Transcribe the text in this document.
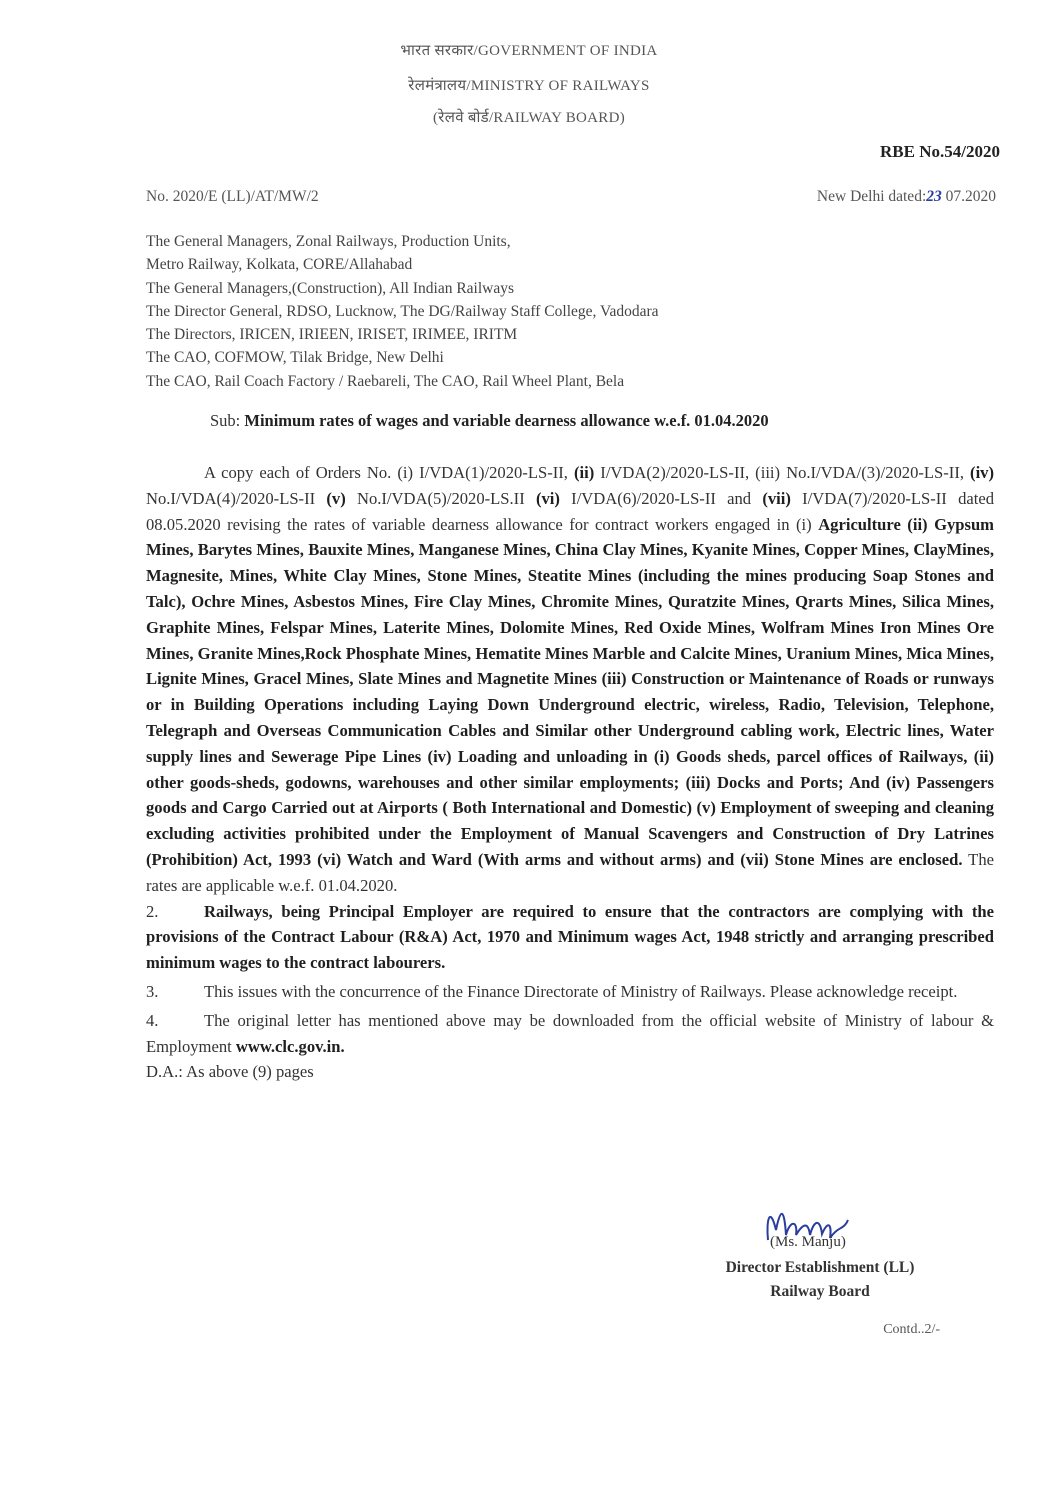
भारत सरकार/GOVERNMENT OF INDIA
रेलमंत्रालय/MINISTRY OF RAILWAYS
(रेलवे बोर्ड/RAILWAY BOARD)
RBE No.54/2020
No. 2020/E (LL)/AT/MW/2	New Delhi dated:23 07.2020
The General Managers, Zonal Railways, Production Units,
Metro Railway, Kolkata, CORE/Allahabad
The General Managers,(Construction), All Indian Railways
The Director General, RDSO, Lucknow, The DG/Railway Staff College, Vadodara
The Directors, IRICEN, IRIEEN, IRISET, IRIMEE, IRITM
The CAO, COFMOW, Tilak Bridge, New Delhi
The CAO, Rail Coach Factory / Raebareli, The CAO, Rail Wheel Plant, Bela
Sub: Minimum rates of wages and variable dearness allowance w.e.f. 01.04.2020

A copy each of Orders No. (i) I/VDA(1)/2020-LS-II, (ii) I/VDA(2)/2020-LS-II, (iii) No.I/VDA/(3)/2020-LS-II, (iv) No.I/VDA(4)/2020-LS-II (v) No.I/VDA(5)/2020-LS.II (vi) I/VDA(6)/2020-LS-II and (vii) I/VDA(7)/2020-LS-II dated 08.05.2020 revising the rates of variable dearness allowance for contract workers engaged in (i) Agriculture (ii) Gypsum Mines, Barytes Mines, Bauxite Mines, Manganese Mines, China Clay Mines, Kyanite Mines, Copper Mines, ClayMines, Magnesite, Mines, White Clay Mines, Stone Mines, Steatite Mines (including the mines producing Soap Stones and Talc), Ochre Mines, Asbestos Mines, Fire Clay Mines, Chromite Mines, Quratzite Mines, Qrarts Mines, Silica Mines, Graphite Mines, Felspar Mines, Laterite Mines, Dolomite Mines, Red Oxide Mines, Wolfram Mines Iron Mines Ore Mines, Granite Mines,Rock Phosphate Mines, Hematite Mines Marble and Calcite Mines, Uranium Mines, Mica Mines, Lignite Mines, Gracel Mines, Slate Mines and Magnetite Mines (iii) Construction or Maintenance of Roads or runways or in Building Operations including Laying Down Underground electric, wireless, Radio, Television, Telephone, Telegraph and Overseas Communication Cables and Similar other Underground cabling work, Electric lines, Water supply lines and Sewerage Pipe Lines (iv) Loading and unloading in (i) Goods sheds, parcel offices of Railways, (ii) other goods-sheds, godowns, warehouses and other similar employments; (iii) Docks and Ports; And (iv) Passengers goods and Cargo Carried out at Airports ( Both International and Domestic) (v) Employment of sweeping and cleaning excluding activities prohibited under the Employment of Manual Scavengers and Construction of Dry Latrines (Prohibition) Act, 1993 (vi) Watch and Ward (With arms and without arms) and (vii) Stone Mines are enclosed. The rates are applicable w.e.f. 01.04.2020.

2.	Railways, being Principal Employer are required to ensure that the contractors are complying with the provisions of the Contract Labour (R&A) Act, 1970 and Minimum wages Act, 1948 strictly and arranging prescribed minimum wages to the contract labourers.

3.	This issues with the concurrence of the Finance Directorate of Ministry of Railways. Please acknowledge receipt.

4.	The original letter has mentioned above may be downloaded from the official website of Ministry of labour & Employment www.clc.gov.in.

D.A.: As above (9) pages

(Ms. Manju)
Director Establishment (LL)
Railway Board
Contd..2/-
